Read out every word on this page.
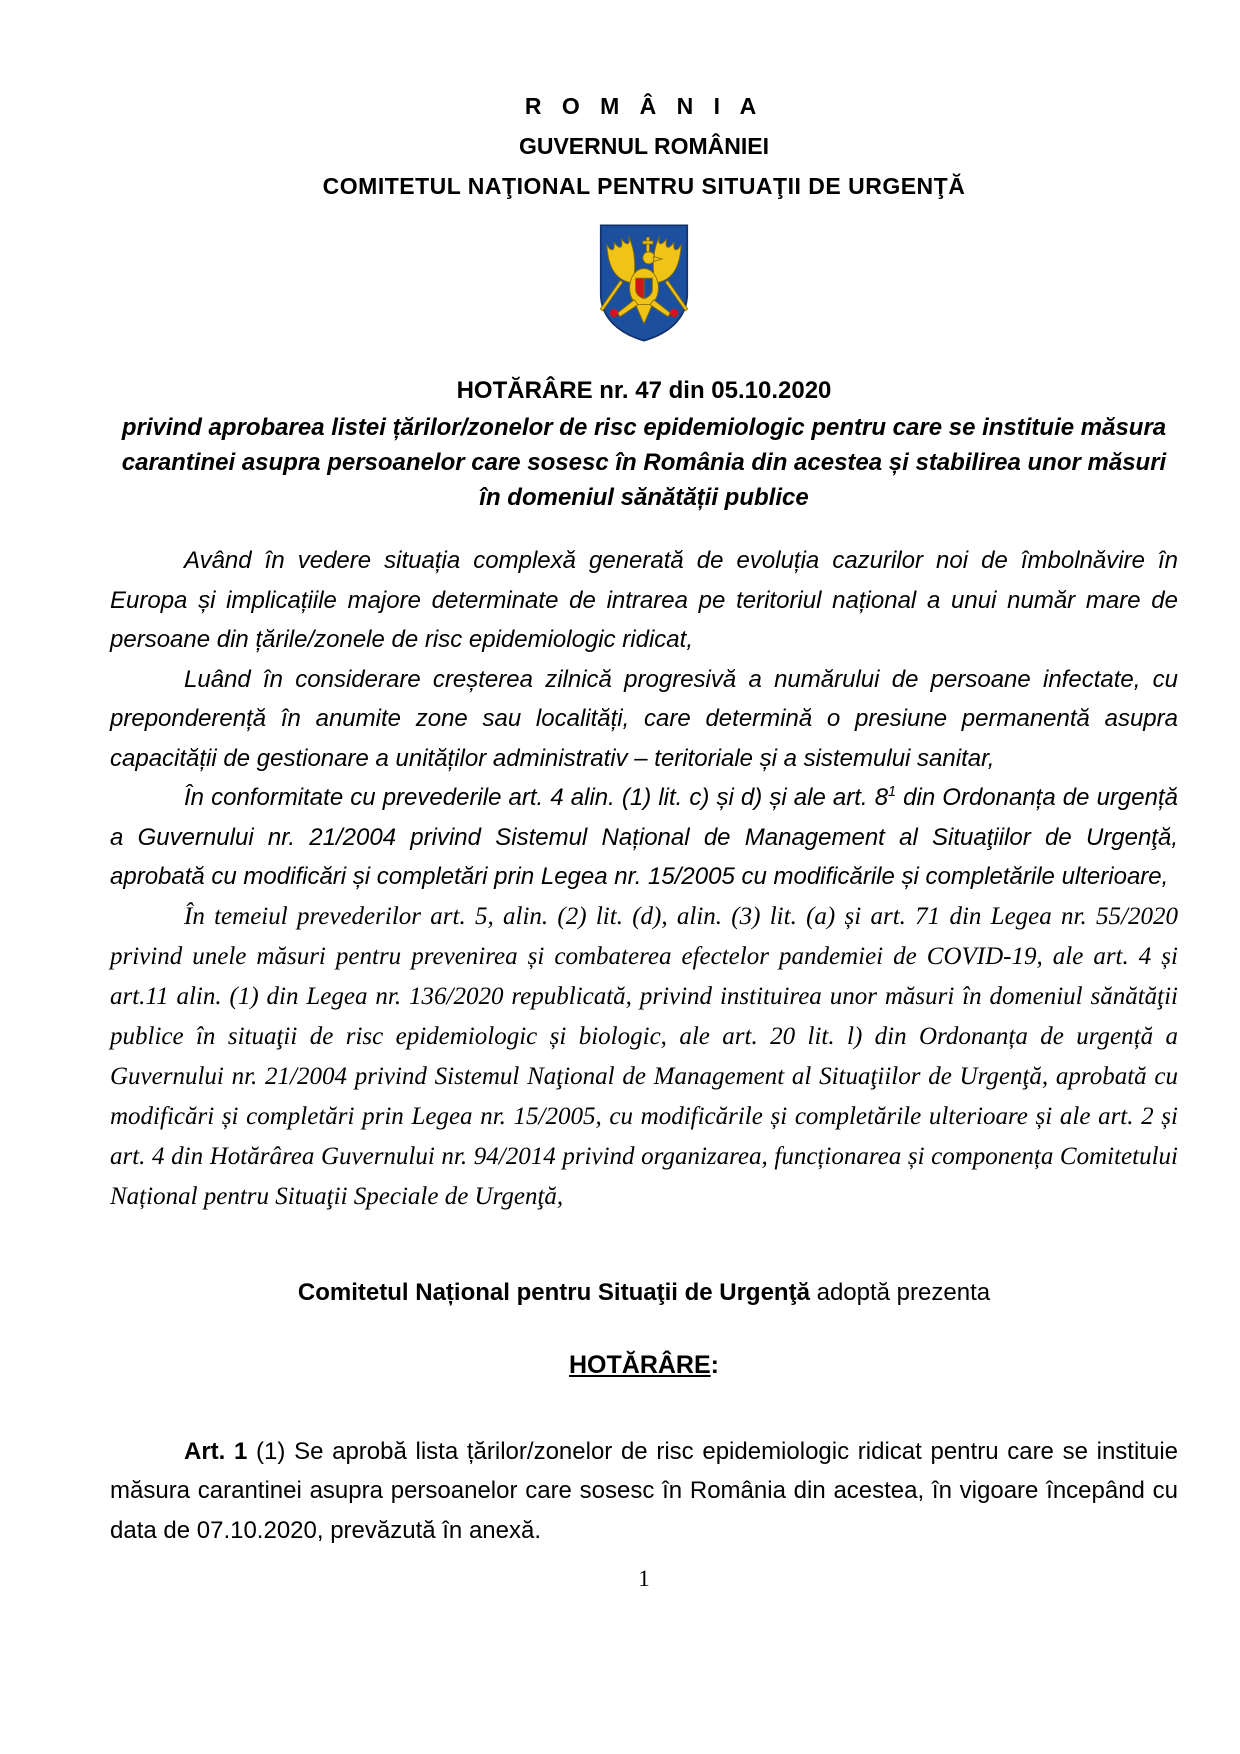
R O M Â N I A
GUVERNUL ROMÂNIEI
COMITETUL NAŢIONAL PENTRU SITUAŢII DE URGENŢĂ
HOTĂRÂRE nr. 47 din 05.10.2020
privind aprobarea listei țărilor/zonelor de risc epidemiologic pentru care se instituie măsura carantinei asupra persoanelor care sosesc în România din acestea și stabilirea unor măsuri în domeniul sănătății publice

Având în vedere situația complexă generată de evoluția cazurilor noi de îmbolnăvire în Europa și implicațiile majore determinate de intrarea pe teritoriul național a unui număr mare de persoane din țările/zonele de risc epidemiologic ridicat,

Luând în considerare creșterea zilnică progresivă a numărului de persoane infectate, cu preponderență în anumite zone sau localități, care determină o presiune permanentă asupra capacității de gestionare a unităților administrativ – teritoriale și a sistemului sanitar,

În conformitate cu prevederile art. 4 alin. (1) lit. c) și d) și ale art. $8^1$ din Ordonanța de urgență a Guvernului nr. 21/2004 privind Sistemul Național de Management al Situaţiilor de Urgenţă, aprobată cu modificări și completări prin Legea nr. 15/2005 cu modificările și completările ulterioare,

În temeiul prevederilor art. 5, alin. (2) lit. (d), alin. (3) lit. (a) și art. 71 din Legea nr. 55/2020 privind unele măsuri pentru prevenirea și combaterea efectelor pandemiei de COVID-19, ale art. 4 și art.11 alin. (1) din Legea nr. 136/2020 republicată, privind instituirea unor măsuri în domeniul sănătăţii publice în situaţii de risc epidemiologic și biologic, ale art. 20 lit. l) din Ordonanța de urgență a Guvernului nr. 21/2004 privind Sistemul Naţional de Management al Situaţiilor de Urgenţă, aprobată cu modificări și completări prin Legea nr. 15/2005, cu modificările și completările ulterioare și ale art. 2 și art. 4 din Hotărârea Guvernului nr. 94/2014 privind organizarea, funcționarea și componența Comitetului Național pentru Situaţii Speciale de Urgenţă,

Comitetul Național pentru Situaţii de Urgenţă adoptă prezenta

HOTĂRÂRE:

Art. 1 (1) Se aprobă lista țărilor/zonelor de risc epidemiologic ridicat pentru care se instituie măsura carantinei asupra persoanelor care sosesc în România din acestea, în vigoare începând cu data de 07.10.2020, prevăzută în anexă.

1
